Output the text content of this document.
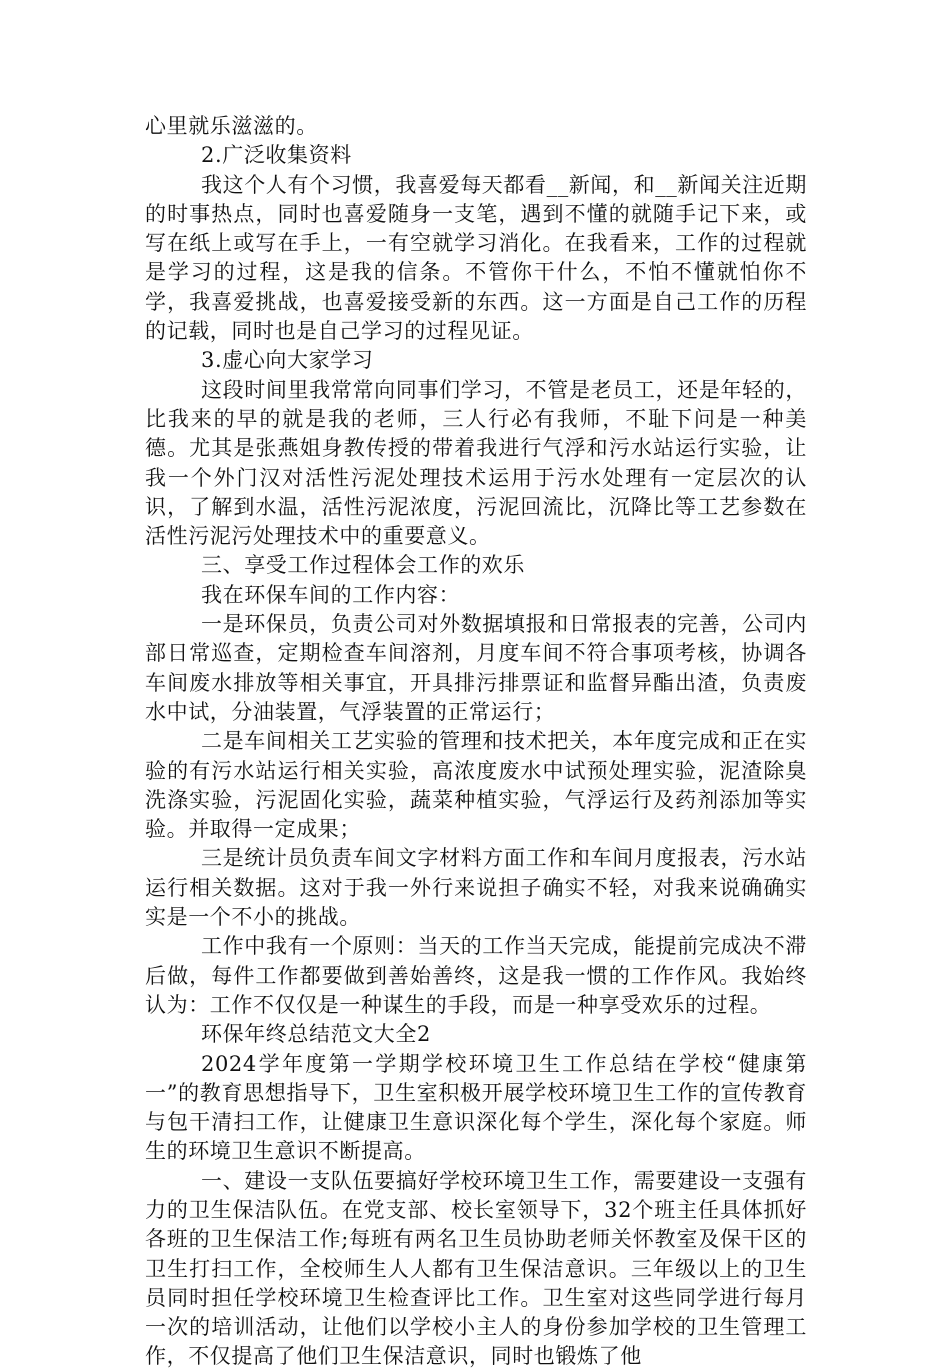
心里就乐滋滋的。

2.广泛收集资料

我这个人有个习惯，我喜爱每天都看__新闻，和__新闻关注近期的时事热点，同时也喜爱随身一支笔，遇到不懂的就随手记下来，或写在纸上或写在手上，一有空就学习消化。在我看来，工作的过程就是学习的过程，这是我的信条。不管你干什么，不怕不懂就怕你不学，我喜爱挑战，也喜爱接受新的东西。这一方面是自己工作的历程的记载，同时也是自己学习的过程见证。

3.虚心向大家学习

这段时间里我常常向同事们学习，不管是老员工，还是年轻的，比我来的早的就是我的老师，三人行必有我师，不耻下问是一种美德。尤其是张燕姐身教传授的带着我进行气浮和污水站运行实验，让我一个外门汉对活性污泥处理技术运用于污水处理有一定层次的认识，了解到水温，活性污泥浓度，污泥回流比，沉降比等工艺参数在活性污泥污处理技术中的重要意义。

三、享受工作过程体会工作的欢乐

我在环保车间的工作内容：

一是环保员，负责公司对外数据填报和日常报表的完善，公司内部日常巡查，定期检查车间溶剂，月度车间不符合事项考核，协调各车间废水排放等相关事宜，开具排污排票证和监督异酯出渣，负责废水中试，分油装置，气浮装置的正常运行；

二是车间相关工艺实验的管理和技术把关，本年度完成和正在实验的有污水站运行相关实验，高浓度废水中试预处理实验，泥渣除臭洗涤实验，污泥固化实验，蔬菜种植实验，气浮运行及药剂添加等实验。并取得一定成果；

三是统计员负责车间文字材料方面工作和车间月度报表，污水站运行相关数据。这对于我一外行来说担子确实不轻，对我来说确确实实是一个不小的挑战。

工作中我有一个原则：当天的工作当天完成，能提前完成决不滞后做，每件工作都要做到善始善终，这是我一惯的工作作风。我始终认为：工作不仅仅是一种谋生的手段，而是一种享受欢乐的过程。

环保年终总结范文大全2

2024学年度第一学期学校环境卫生工作总结在学校“健康第一”的教育思想指导下，卫生室积极开展学校环境卫生工作的宣传教育与包干清扫工作，让健康卫生意识深化每个学生，深化每个家庭。师生的环境卫生意识不断提高。

一、建设一支队伍要搞好学校环境卫生工作，需要建设一支强有力的卫生保洁队伍。在党支部、校长室领导下，32个班主任具体抓好各班的卫生保洁工作;每班有两名卫生员协助老师关怀教室及保干区的卫生打扫工作，全校师生人人都有卫生保洁意识。三年级以上的卫生员同时担任学校环境卫生检查评比工作。卫生室对这些同学进行每月一次的培训活动，让他们以学校小主人的身份参加学校的卫生管理工作，不仅提高了他们卫生保洁意识，同时也锻炼了他
